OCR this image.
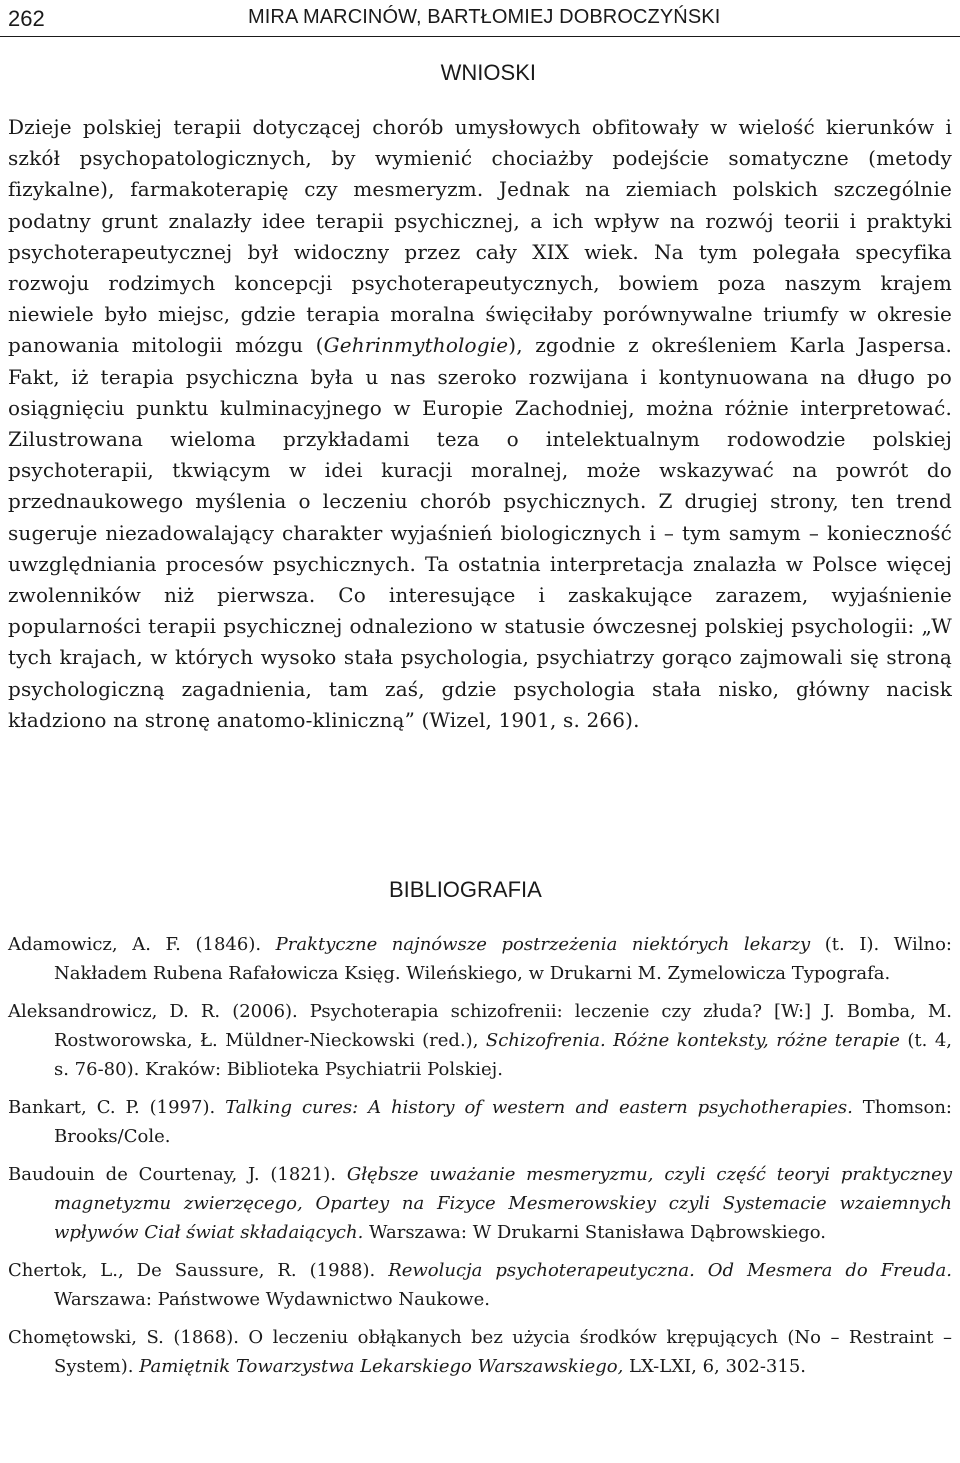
262	MIRA MARCINÓW, BARTŁOMIEJ DOBROCZYŃSKI
WNIOSKI

Dzieje polskiej terapii dotyczącej chorób umysłowych obfitowały w wielość kierunków i szkół psychopatologicznych, by wymienić chociażby podejście somatyczne (metody fizykalne), farmakoterapię czy mesmeryzm. Jednak na ziemiach polskich szczególnie podatny grunt znalazły idee terapii psychicznej, a ich wpływ na rozwój teorii i praktyki psychoterapeutycznej był widoczny przez cały XIX wiek. Na tym polegała specyfika rozwoju rodzimych koncepcji psychoterapeutycznych, bowiem poza naszym krajem niewiele było miejsc, gdzie terapia moralna święciłaby porównywalne triumfy w okresie panowania mitologii mózgu (Gehrinmythologie), zgodnie z określeniem Karla Jaspersa. Fakt, iż terapia psychiczna była u nas szeroko rozwijana i kontynuowana na długo po osiągnięciu punktu kulminacyjnego w Europie Zachodniej, można różnie interpretować. Zilustrowana wieloma przykładami teza o intelektualnym rodowodzie polskiej psychoterapii, tkwiącym w idei kuracji moralnej, może wskazywać na powrót do przednaukowego myślenia o leczeniu chorób psychicznych. Z drugiej strony, ten trend sugeruje niezadowalający charakter wyjaśnień biologicznych i – tym samym – konieczność uwzględniania procesów psychicznych. Ta ostatnia interpretacja znalazła w Polsce więcej zwolenników niż pierwsza. Co interesujące i zaskakujące zarazem, wyjaśnienie popularności terapii psychicznej odnaleziono w statusie ówczesnej polskiej psychologii: „W tych krajach, w których wysoko stała psychologia, psychiatrzy gorąco zajmowali się stroną psychologiczną zagadnienia, tam zaś, gdzie psychologia stała nisko, główny nacisk kładziono na stronę anatomo-kliniczną” (Wizel, 1901, s. 266).

BIBLIOGRAFIA

Adamowicz, A. F. (1846). Praktyczne najnówsze postrzeżenia niektórych lekarzy (t. I). Wilno: Nakładem Rubena Rafałowicza Księg. Wileńskiego, w Drukarni M. Zymelowicza Typografa.

Aleksandrowicz, D. R. (2006). Psychoterapia schizofrenii: leczenie czy złuda? [W:] J. Bomba, M. Rostworowska, Ł. Müldner-Nieckowski (red.), Schizofrenia. Różne konteksty, różne terapie (t. 4, s. 76-80). Kraków: Biblioteka Psychiatrii Polskiej.

Bankart, C. P. (1997). Talking cures: A history of western and eastern psychotherapies. Thomson: Brooks/Cole.

Baudouin de Courtenay, J. (1821). Głębsze uważanie mesmeryzmu, czyli część teoryi praktyczney magnetyzmu zwierzęcego, Opartey na Fizyce Mesmerowskiey czyli Systemacie wzaiemnych wpływów Ciał świat składaiących. Warszawa: W Drukarni Stanisława Dąbrowskiego.

Chertok, L., De Saussure, R. (1988). Rewolucja psychoterapeutyczna. Od Mesmera do Freuda. Warszawa: Państwowe Wydawnictwo Naukowe.

Chomętowski, S. (1868). O leczeniu obłąkanych bez użycia środków krępujących (No – Restraint – System). Pamiętnik Towarzystwa Lekarskiego Warszawskiego, LX-LXI, 6, 302-315.
